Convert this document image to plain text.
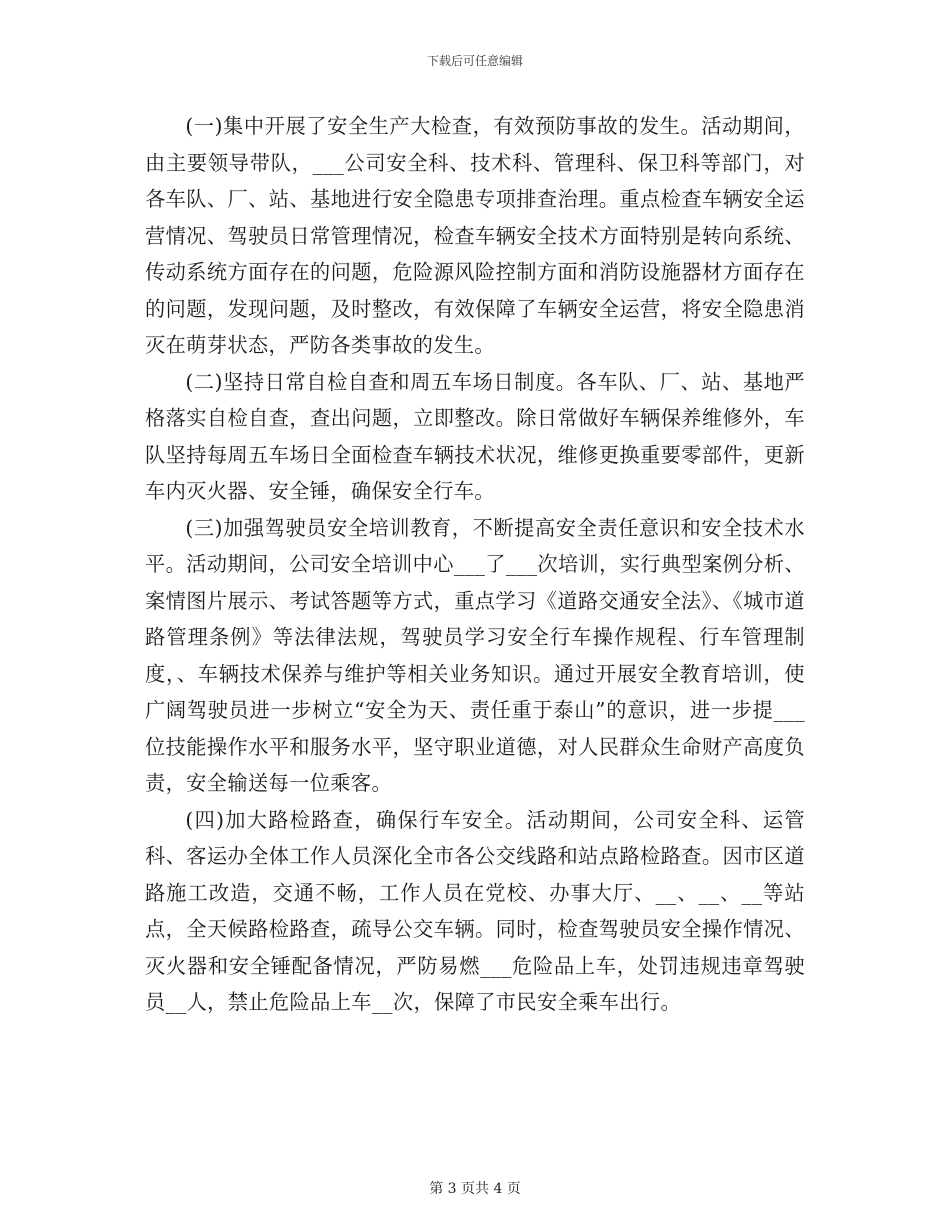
下载后可任意编辑

(一)集中开展了安全生产大检查，有效预防事故的发生。活动期间，由主要领导带队，___公司安全科、技术科、管理科、保卫科等部门，对各车队、厂、站、基地进行安全隐患专项排查治理。重点检查车辆安全运营情况、驾驶员日常管理情况，检查车辆安全技术方面特别是转向系统、传动系统方面存在的问题，危险源风险控制方面和消防设施器材方面存在的问题，发现问题，及时整改，有效保障了车辆安全运营，将安全隐患消灭在萌芽状态，严防各类事故的发生。

(二)坚持日常自检自查和周五车场日制度。各车队、厂、站、基地严格落实自检自查，查出问题，立即整改。除日常做好车辆保养维修外，车队坚持每周五车场日全面检查车辆技术状况，维修更换重要零部件，更新车内灭火器、安全锤，确保安全行车。

(三)加强驾驶员安全培训教育，不断提高安全责任意识和安全技术水平。活动期间，公司安全培训中心___了___次培训，实行典型案例分析、案情图片展示、考试答题等方式，重点学习《道路交通安全法》、《城市道路管理条例》等法律法规，驾驶员学习安全行车操作规程、行车管理制度，、车辆技术保养与维护等相关业务知识。通过开展安全教育培训，使广阔驾驶员进一步树立“安全为天、责任重于泰山”的意识，进一步提___位技能操作水平和服务水平，坚守职业道德，对人民群众生命财产高度负责，安全输送每一位乘客。

(四)加大路检路查，确保行车安全。活动期间，公司安全科、运管科、客运办全体工作人员深化全市各公交线路和站点路检路查。因市区道路施工改造，交通不畅，工作人员在党校、办事大厅、__、__、__等站点，全天候路检路查，疏导公交车辆。同时，检查驾驶员安全操作情况、灭火器和安全锤配备情况，严防易燃___危险品上车，处罚违规违章驾驶员__人，禁止危险品上车__次，保障了市民安全乘车出行。

第 3 页共 4 页
